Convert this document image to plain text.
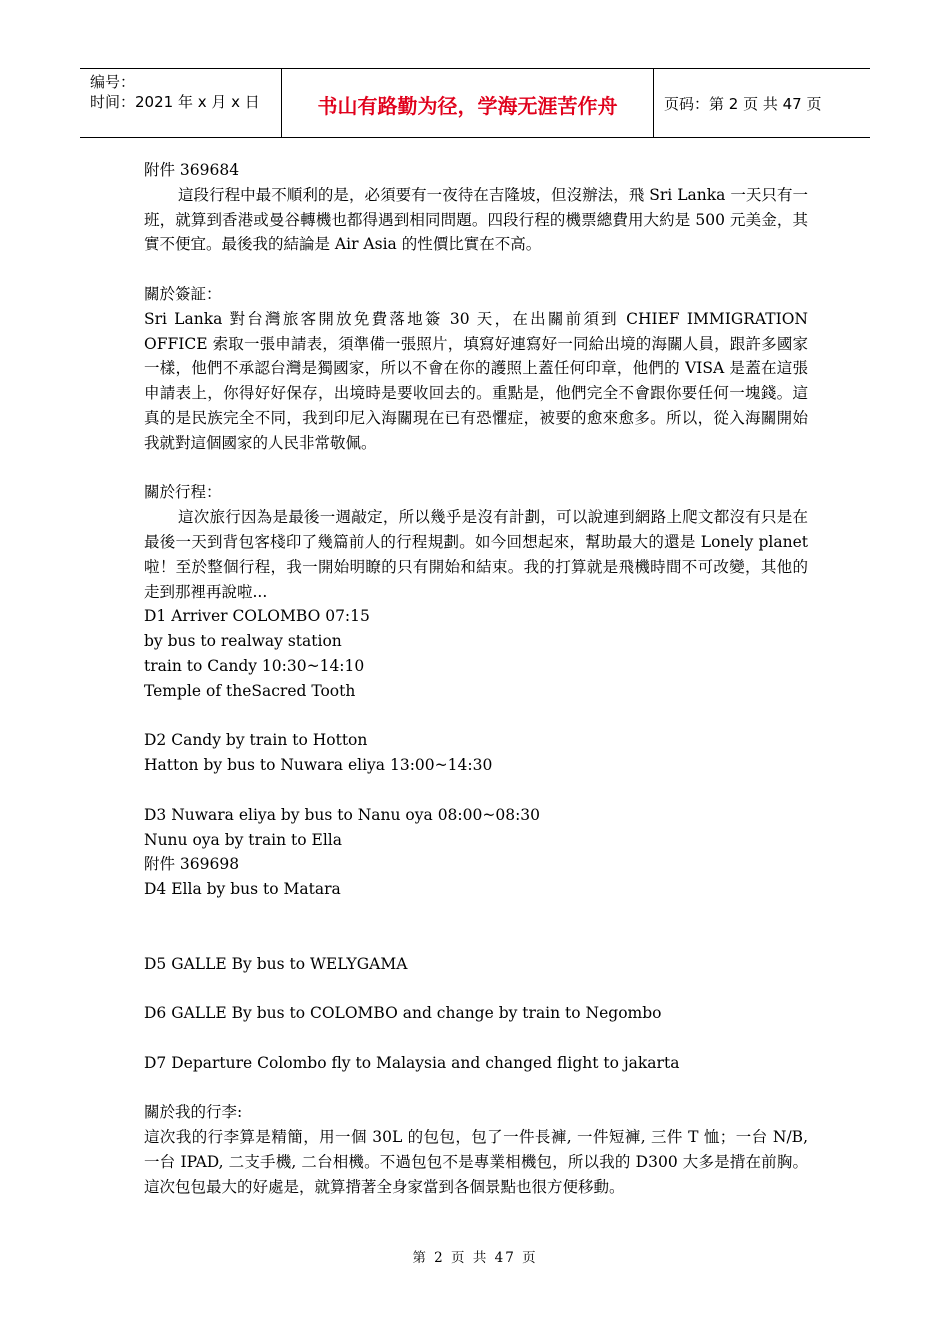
编号：
时间：2021 年 x 月 x 日	书山有路勤为径，学海无涯苦作舟	页码：第 2 页 共 47 页

附件 369684

這段行程中最不順利的是，必須要有一夜待在吉隆坡，但沒辦法，飛 Sri Lanka 一天只有一班，就算到香港或曼谷轉機也都得遇到相同問題。四段行程的機票總費用大約是 500 元美金，其實不便宜。最後我的結論是 Air Asia 的性價比實在不高。

關於簽証：

Sri Lanka 對台灣旅客開放免費落地簽 30 天，在出關前須到 CHIEF IMMIGRATION OFFICE 索取一張申請表，須準備一張照片，填寫好連寫好一同給出境的海關人員，跟許多國家一樣，他們不承認台灣是獨國家，所以不會在你的護照上蓋任何印章，他們的 VISA 是蓋在這張申請表上，你得好好保存，出境時是要收回去的。重點是，他們完全不會跟你要任何一塊錢。這真的是民族完全不同，我到印尼入海關現在已有恐懼症，被要的愈來愈多。所以，從入海關開始我就對這個國家的人民非常敬佩。

關於行程：

這次旅行因為是最後一週敲定，所以幾乎是沒有計劃，可以說連到網路上爬文都沒有只是在最後一天到背包客棧印了幾篇前人的行程規劃。如今回想起來，幫助最大的還是 Lonely planet 啦！至於整個行程，我一開始明瞭的只有開始和結束。我的打算就是飛機時間不可改變，其他的走到那裡再說啦...

D1 Arriver COLOMBO 07:15

by bus to realway station

train to Candy 10:30~14:10

Temple of theSacred Tooth

D2 Candy by train to Hotton

Hatton by bus to Nuwara eliya 13:00~14:30

D3 Nuwara eliya by bus to Nanu oya 08:00~08:30

Nunu oya by train to Ella

附件 369698

D4 Ella by bus to Matara

D5 GALLE By bus to WELYGAMA

D6 GALLE By bus to COLOMBO and change by train to Negombo

D7 Departure Colombo fly to Malaysia and changed flight to jakarta

關於我的行李:

這次我的行李算是精簡，用一個 30L 的包包，包了一件長褲, 一件短褲, 三件 T 恤；一台 N/B, 一台 IPAD, 二支手機, 二台相機。不過包包不是專業相機包，所以我的 D300 大多是揹在前胸。這次包包最大的好處是，就算揹著全身家當到各個景點也很方便移動。

第 2 页 共 47 页
